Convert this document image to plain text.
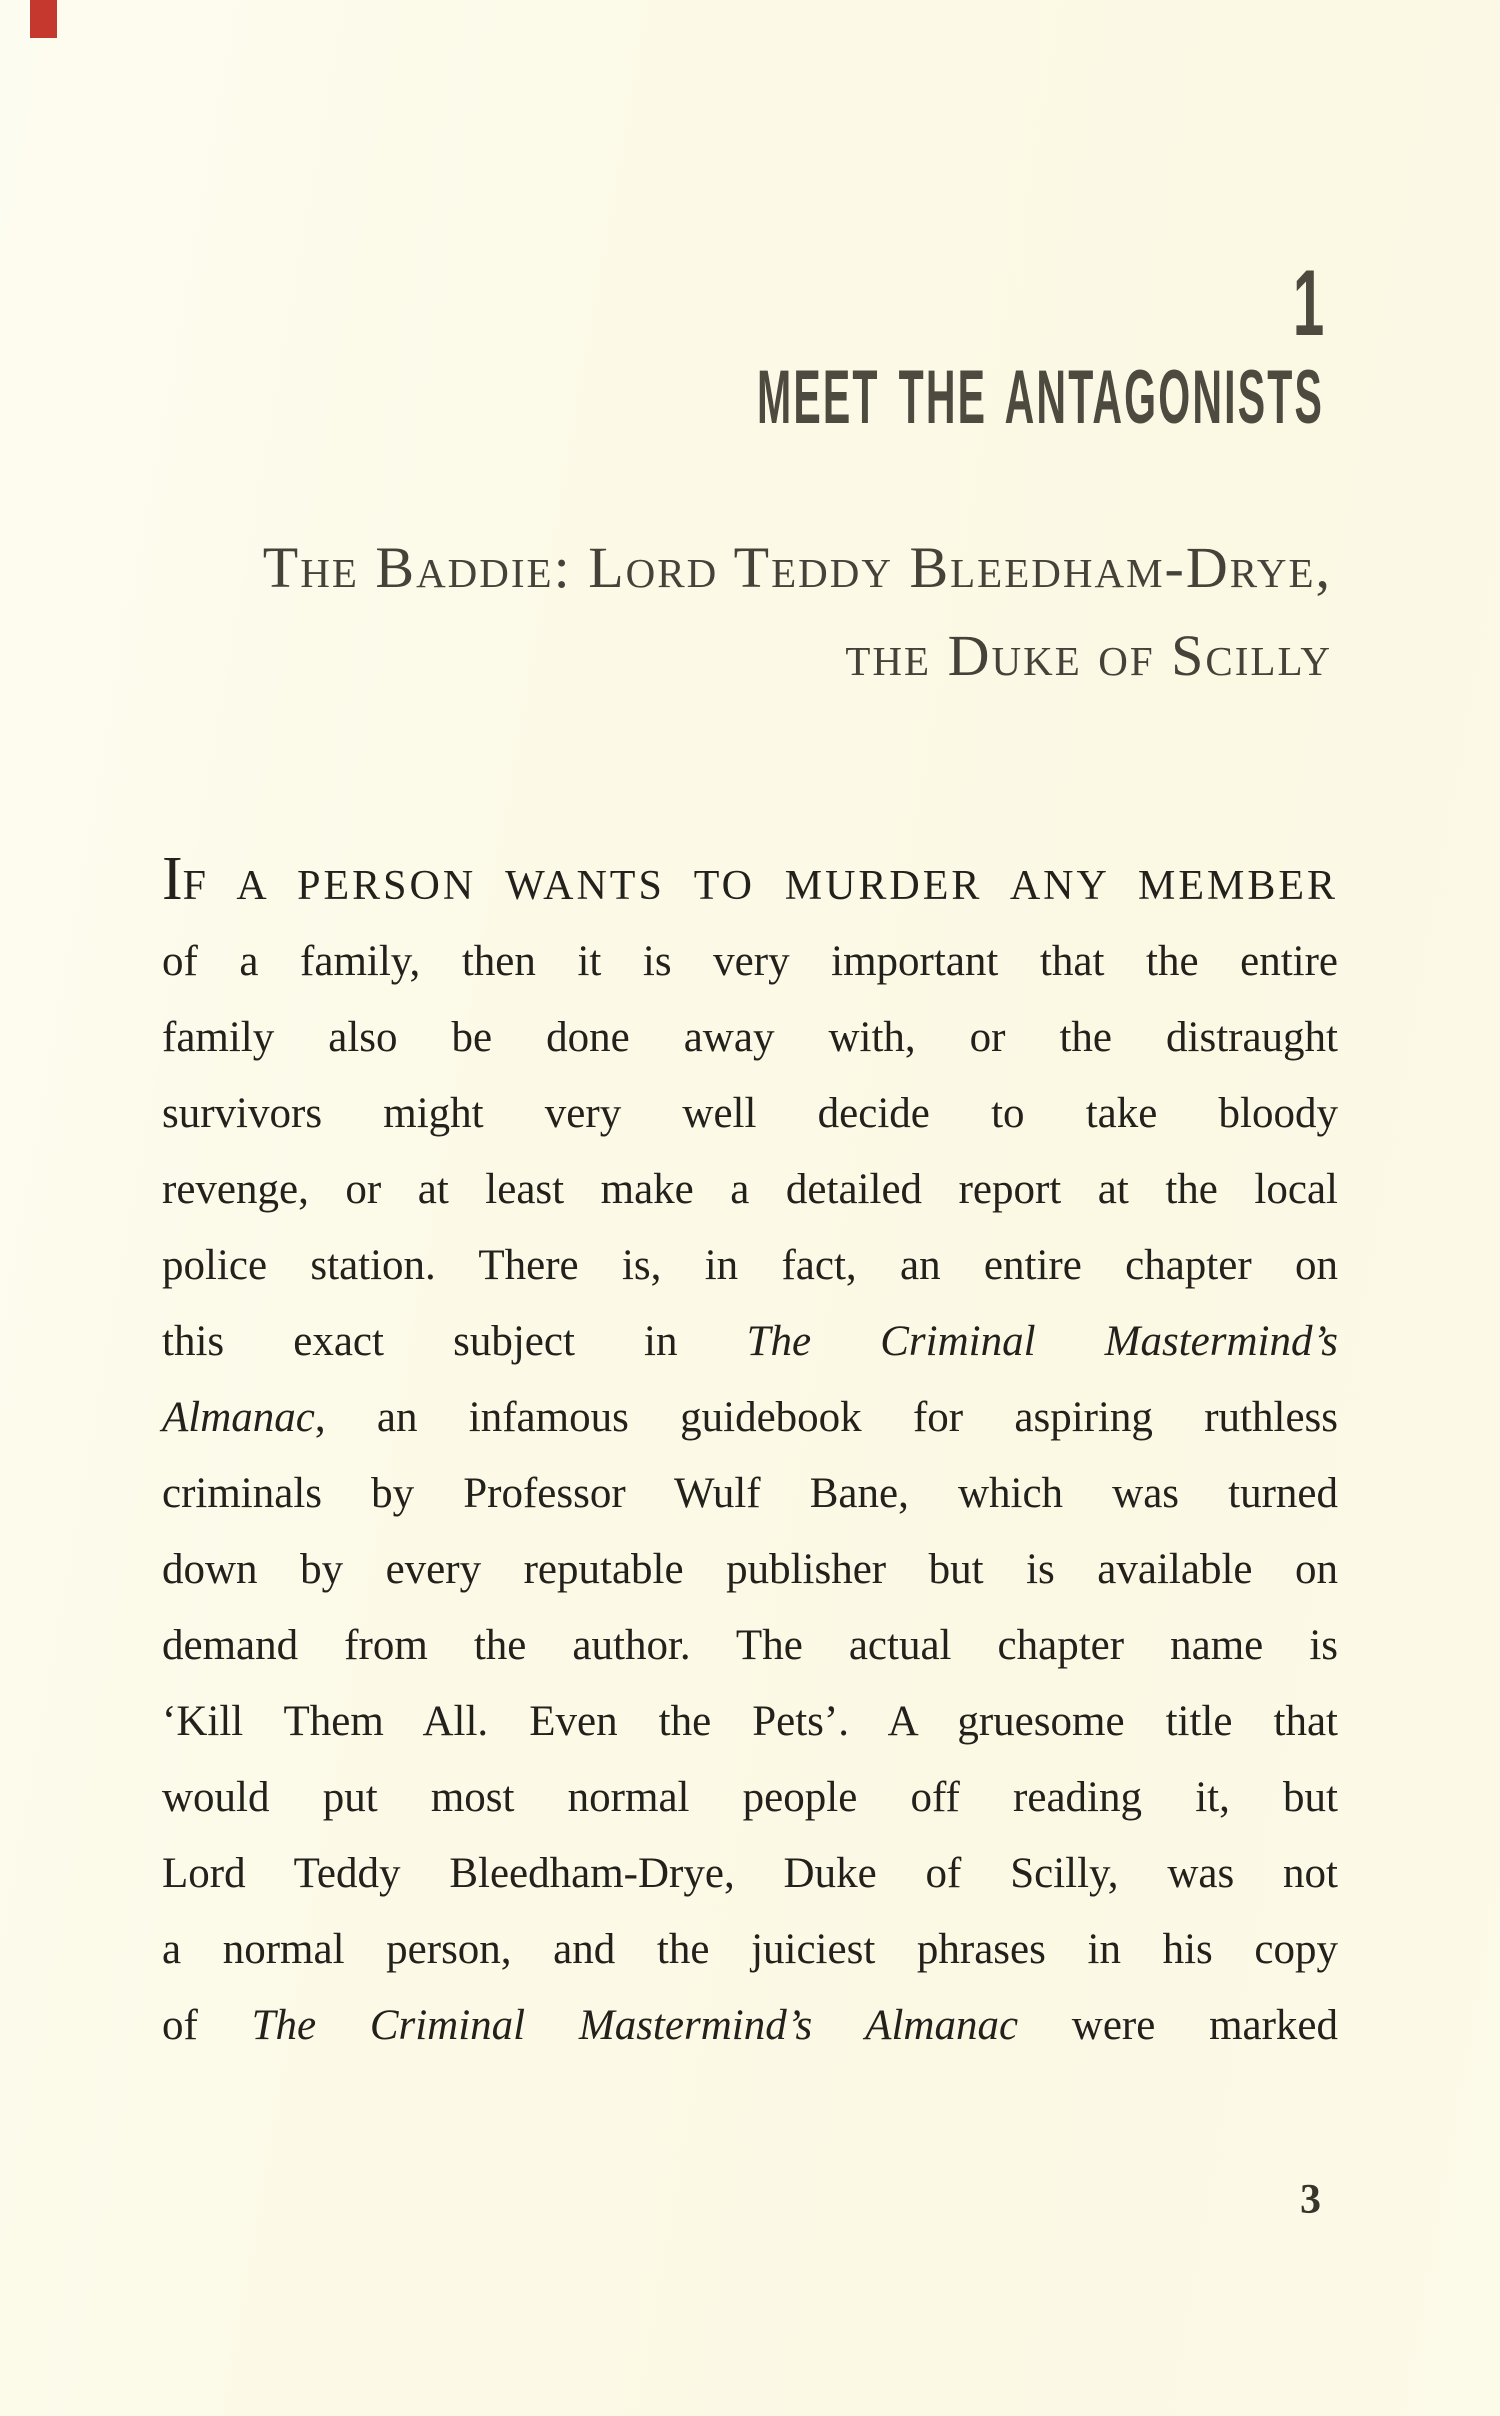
1
MEET THE ANTAGONISTS
The Baddie: Lord Teddy Bleedham-Drye,
the Duke of Scilly
IF A PERSON WANTS TO MURDER ANY MEMBER
of a family, then it is very important that the entire
family also be done away with, or the distraught
survivors might very well decide to take bloody
revenge, or at least make a detailed report at the local
police station. There is, in fact, an entire chapter on
this exact subject in The Criminal Mastermind’s
Almanac, an infamous guidebook for aspiring ruthless
criminals by Professor Wulf Bane, which was turned
down by every reputable publisher but is available on
demand from the author. The actual chapter name is
‘Kill Them All. Even the Pets’. A gruesome title that
would put most normal people off reading it, but
Lord Teddy Bleedham-Drye, Duke of Scilly, was not
a normal person, and the juiciest phrases in his copy
of The Criminal Mastermind’s Almanac were marked
3
